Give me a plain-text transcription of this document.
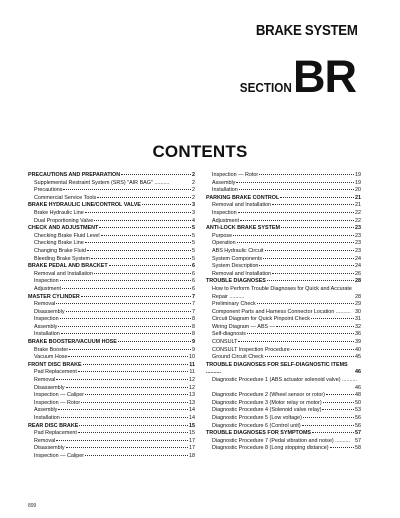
BRAKE SYSTEM
BR
SECTION
CONTENTS
PRECAUTIONS AND PREPARATION	2
Supplemental Restraint System (SRS) "AIR BAG" ..........	2
Precautions	2
Commercial Service Tools	2
BRAKE HYDRAULIC LINE/CONTROL VALVE	3
Brake Hydraulic Line	3
Dual Proportioning Valve	4
CHECK AND ADJUSTMENT	5
Checking Brake Fluid Level	5
Checking Brake Line	5
Changing Brake Fluid	5
Bleeding Brake System	5
BRAKE PEDAL AND BRACKET	6
Removal and Installation	6
Inspection	6
Adjustment	6
MASTER CYLINDER	7
Removal	7
Disassembly	7
Inspection	8
Assembly	8
Installation	8
BRAKE BOOSTER/VACUUM HOSE	9
Brake Booster	9
Vacuum Hose	10
FRONT DISC BRAKE	11
Pad Replacement	11
Removal	12
Disassembly	12
Inspection — Caliper	13
Inspection — Rotor	13
Assembly	14
Installation	14
REAR DISC BRAKE	15
Pad Replacement	15
Removal	17
Disassembly	17
Inspection — Caliper	18
Inspection — Rotor	19
Assembly	19
Installation	20
PARKING BRAKE CONTROL	21
Removal and Installation	21
Inspection	22
Adjustment	22
ANTI-LOCK BRAKE SYSTEM	23
Purpose	23
Operation	23
ABS Hydraulic Circuit	23
System Components	24
System Description	24
Removal and Installation	26
TROUBLE DIAGNOSES	28
How to Perform Trouble Diagnoses for Quick and Accurate Repair ..........	28
Preliminary Check	29
Component Parts and Harness Connector Location .......... 30
Circuit Diagram for Quick Pinpoint Check	31
Wiring Diagram — ABS —	32
Self-diagnosis	36
CONSULT	39
CONSULT Inspection Procedure	40
Ground Circuit Check	45
TROUBLE DIAGNOSES FOR SELF-DIAGNOSTIC ITEMS ..........	46
Diagnostic Procedure 1 (ABS actuator solenoid valve) ..........
46
Diagnostic Procedure 2 (Wheel sensor or rotor)	48
Diagnostic Procedure 3 (Motor relay or motor)	50
Diagnostic Procedure 4 (Solenoid valve relay)	53
Diagnostic Procedure 5 (Low voltage)	56
Diagnostic Procedure 6 (Control unit)	56
TROUBLE DIAGNOSES FOR SYMPTOMS	57
Diagnostic Procedure 7 (Pedal vibration and noise) .......... 57
Diagnostic Procedure 8 (Long stopping distance)	58
899
